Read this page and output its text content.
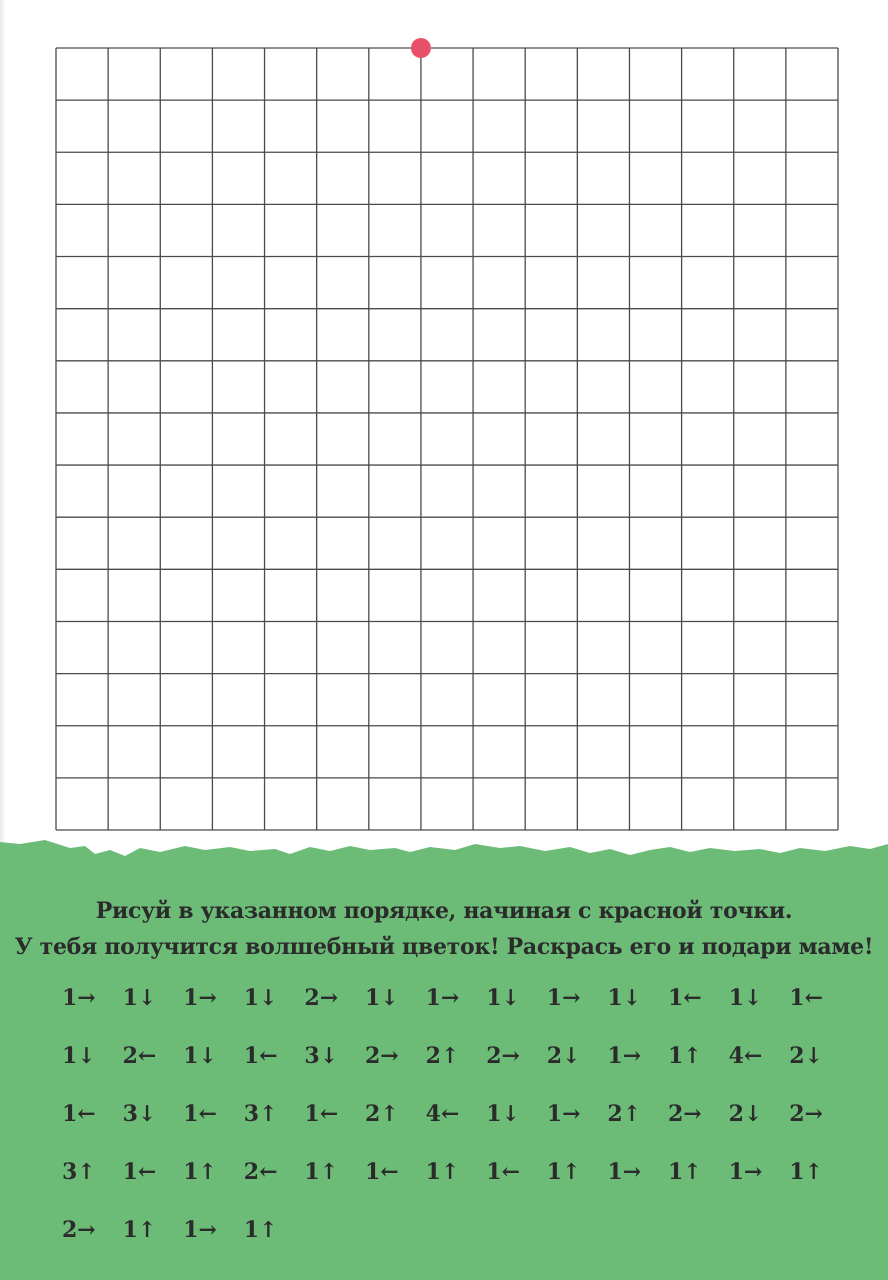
Рисуй в указанном порядке, начиная с красной точки.
У тебя получится волшебный цветок! Раскрась его и подари маме!
1→	1↓	1→	1↓	2→	1↓	1→	1↓	1→	1↓	1←	1↓	1←
1↓	2←	1↓	1←	3↓	2→	2↑	2→	2↓	1→	1↑	4←	2↓
1←	3↓	1←	3↑	1←	2↑	4←	1↓	1→	2↑	2→	2↓	2→
3↑	1←	1↑	2←	1↑	1←	1↑	1←	1↑	1→	1↑	1→	1↑
2→	1↑	1→	1↑
